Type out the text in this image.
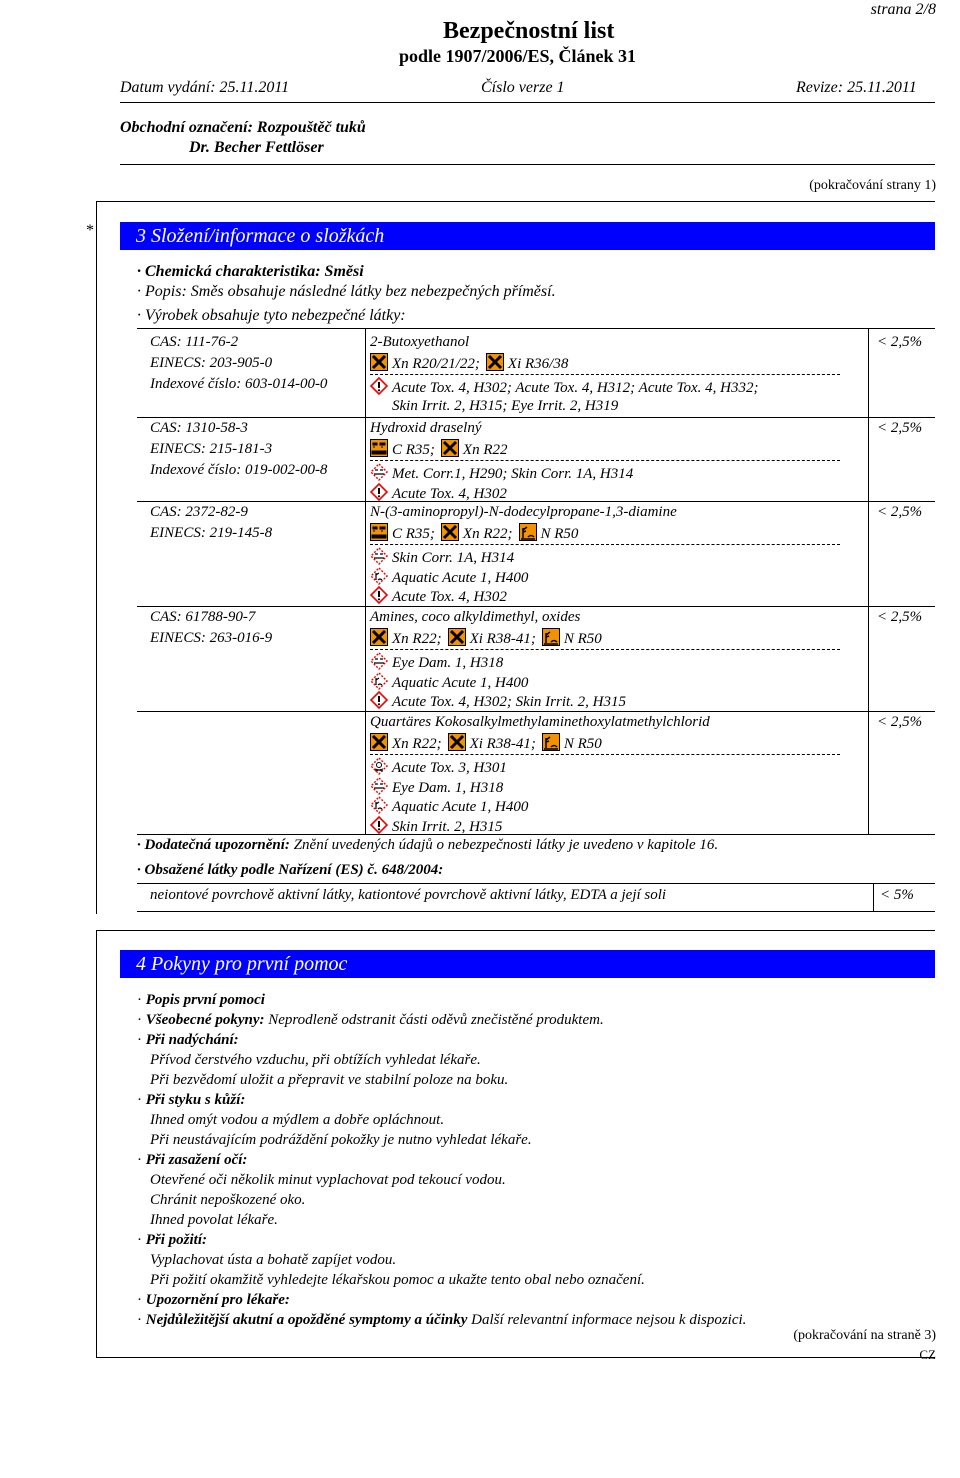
strana 2/8
Bezpečnostní list
podle 1907/2006/ES, Článek 31
Datum vydání: 25.11.2011	Číslo verze 1	Revize: 25.11.2011
Obchodní označení: Rozpouštěč tuků
Dr. Becher Fettlöser
(pokračování strany 1)
*	3 Složení/informace o složkách
· Chemická charakteristika: Směsi
· Popis: Směs obsahuje následné látky bez nebezpečných příměsí.
· Výrobek obsahuje tyto nebezpečné látky:
CAS: 111-76-2
EINECS: 203-905-0
Indexové číslo: 603-014-00-0
2-Butoxyethanol	< 2,5%
Xn R20/21/22; Xi R36/38
Acute Tox. 4, H302; Acute Tox. 4, H312; Acute Tox. 4, H332;
Skin Irrit. 2, H315; Eye Irrit. 2, H319
CAS: 1310-58-3
EINECS: 215-181-3
Indexové číslo: 019-002-00-8
Hydroxid draselný	< 2,5%
C R35; Xn R22
Met. Corr.1, H290; Skin Corr. 1A, H314
Acute Tox. 4, H302
CAS: 2372-82-9
EINECS: 219-145-8
N-(3-aminopropyl)-N-dodecylpropane-1,3-diamine	< 2,5%
C R35; Xn R22; N R50
Skin Corr. 1A, H314
Aquatic Acute 1, H400
Acute Tox. 4, H302
CAS: 61788-90-7
EINECS: 263-016-9
Amines, coco alkyldimethyl, oxides	< 2,5%
Xn R22; Xi R38-41; N R50
Eye Dam. 1, H318
Aquatic Acute 1, H400
Acute Tox. 4, H302; Skin Irrit. 2, H315
Quartäres Kokosalkylmethylaminethoxylatmethylchlorid	< 2,5%
Xn R22; Xi R38-41; N R50
Acute Tox. 3, H301
Eye Dam. 1, H318
Aquatic Acute 1, H400
Skin Irrit. 2, H315
· Dodatečná upozornění: Znění uvedených údajů o nebezpečnosti látky je uvedeno v kapitole 16.
· Obsažené látky podle Nařízení (ES) č. 648/2004:
neiontové povrchově aktivní látky, kationtové povrchově aktivní látky, EDTA a její soli	< 5%
4 Pokyny pro první pomoc
· Popis první pomoci
· Všeobecné pokyny: Neprodleně odstranit části oděvů znečistěné produktem.
· Při nadýchání:
Přívod čerstvého vzduchu, při obtížích vyhledat lékaře.
Při bezvědomí uložit a přepravit ve stabilní poloze na boku.
· Při styku s kůží:
Ihned omýt vodou a mýdlem a dobře opláchnout.
Při neustávajícím podráždění pokožky je nutno vyhledat lékaře.
· Při zasažení očí:
Otevřené oči několik minut vyplachovat pod tekoucí vodou.
Chránit nepoškozené oko.
Ihned povolat lékaře.
· Při požití:
Vyplachovat ústa a bohatě zapíjet vodou.
Při požití okamžitě vyhledejte lékařskou pomoc a ukažte tento obal nebo označení.
· Upozornění pro lékaře:
· Nejdůležitější akutní a opožděné symptomy a účinky Další relevantní informace nejsou k dispozici.
(pokračování na straně 3)
CZ
